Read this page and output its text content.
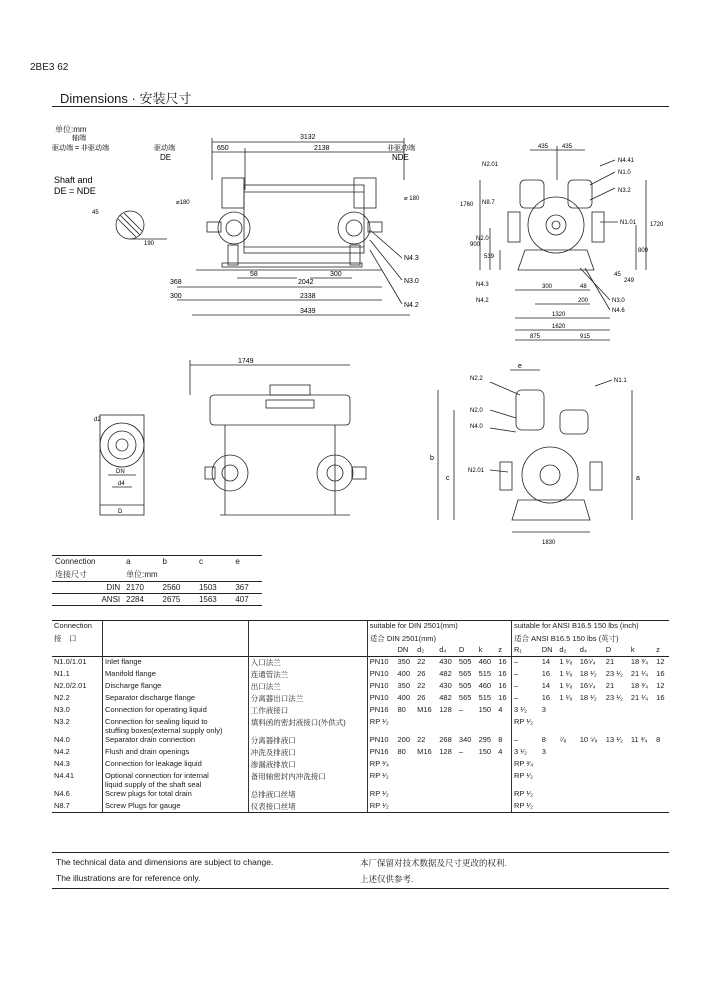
2BE3 62
Dimensions · 安装尺寸
单位:mm
轴端
驱动端 = 非驱动端	驱动端
DE
非驱动端
NDE
Shaft and
DE = NDE
3132
650	2138
⌀180
⌀ 180
45
190
58	300
2042
368
300	2338
3439
N4.3
N3.0
N4.2
435 435
N2.01
N4.41
N1.0
N8.7
N3.2
N1.01
N2.0
1760
900
539
1720
809
45
249
N4.3
N4.2
300	48
200	N3.0
N4.6
1320
1620
875	915
1749
d2
DN
d4
D
e
N2.2	N1.1
N2.0
N4.0
N2.01
b
c	a
1830
Connection	a	b	c	e
连接尺寸	单位:mm			
DIN	2170	2560	1503	367
ANSI	2284	2675	1563	407
Connection			suitable for DIN 2501(mm)							suitable for ANSI B16.5 150 lbs (inch)						
接　口			适合 DIN 2501(mm)							适合 ANSI B16.5 150 lbs (英寸)						
				DN	d₂	d₄	D	k	z	R₁	DN	d₂	d₄	D	k	z
N1.0/1.01	Inlet flange	入口法兰	PN10	350	22	430	505	460	16	–	14	1 ¹⁄₈	16⁵⁄₄	21	18 ³⁄₄	12
N1.1	Manifold flange	连通管法兰	PN10	400	26	482	565	515	16	–	16	1 ¹⁄₈	18 ¹⁄₂	23 ¹⁄₂	21 ¹⁄₄	16
N2.0/2.01	Discharge flange	出口法兰	PN10	350	22	430	505	460	16	–	14	1 ¹⁄₈	16⁵⁄₄	21	18 ³⁄₄	12
N2.2	Separator discharge flange	分离器出口法兰	PN10	400	26	482	565	515	16	–	16	1 ¹⁄₈	18 ¹⁄₂	23 ¹⁄₂	21 ¹⁄₄	16
N3.0	Connection for operating liquid	工作液接口	PN16	80	M16	128	–	150	4	3 ¹⁄₂	3					
N3.2	Connection for sealing liquid to
stuffing boxes(external supply only)	填料函的密封液接口(外供式)	RP ¹⁄₂							RP ¹⁄₂						
N4.0	Separator drain connection	分离器排液口	PN10	200	22	268	340	295	8	–	8	⁷⁄₈	10 ⁵⁄₈	13 ¹⁄₂	11 ³⁄₄	8
N4.2	Flush and drain openings	冲洗及排液口	PN16	80	M16	128	–	150	4	3 ¹⁄₂	3					
N4.3	Connection for leakage liquid	渗漏液排放口	RP ³⁄₄							RP ³⁄₄						
N4.41	Optional connection for internal
liquid supply of the shaft seal	备用轴密封内冲洗接口	RP ¹⁄₂							RP ¹⁄₂						
N4.6	Screw plugs for total drain	总排液口丝堵	RP ¹⁄₂							RP ¹⁄₂						
N8.7	Screw Plugs for gauge	仪表接口丝堵	RP ¹⁄₂							RP ¹⁄₂						
The technical data and dimensions are subject to change.
The illustrations are for reference only.
本厂保留对技术数据及尺寸更改的权利.
上述仅供参考.
